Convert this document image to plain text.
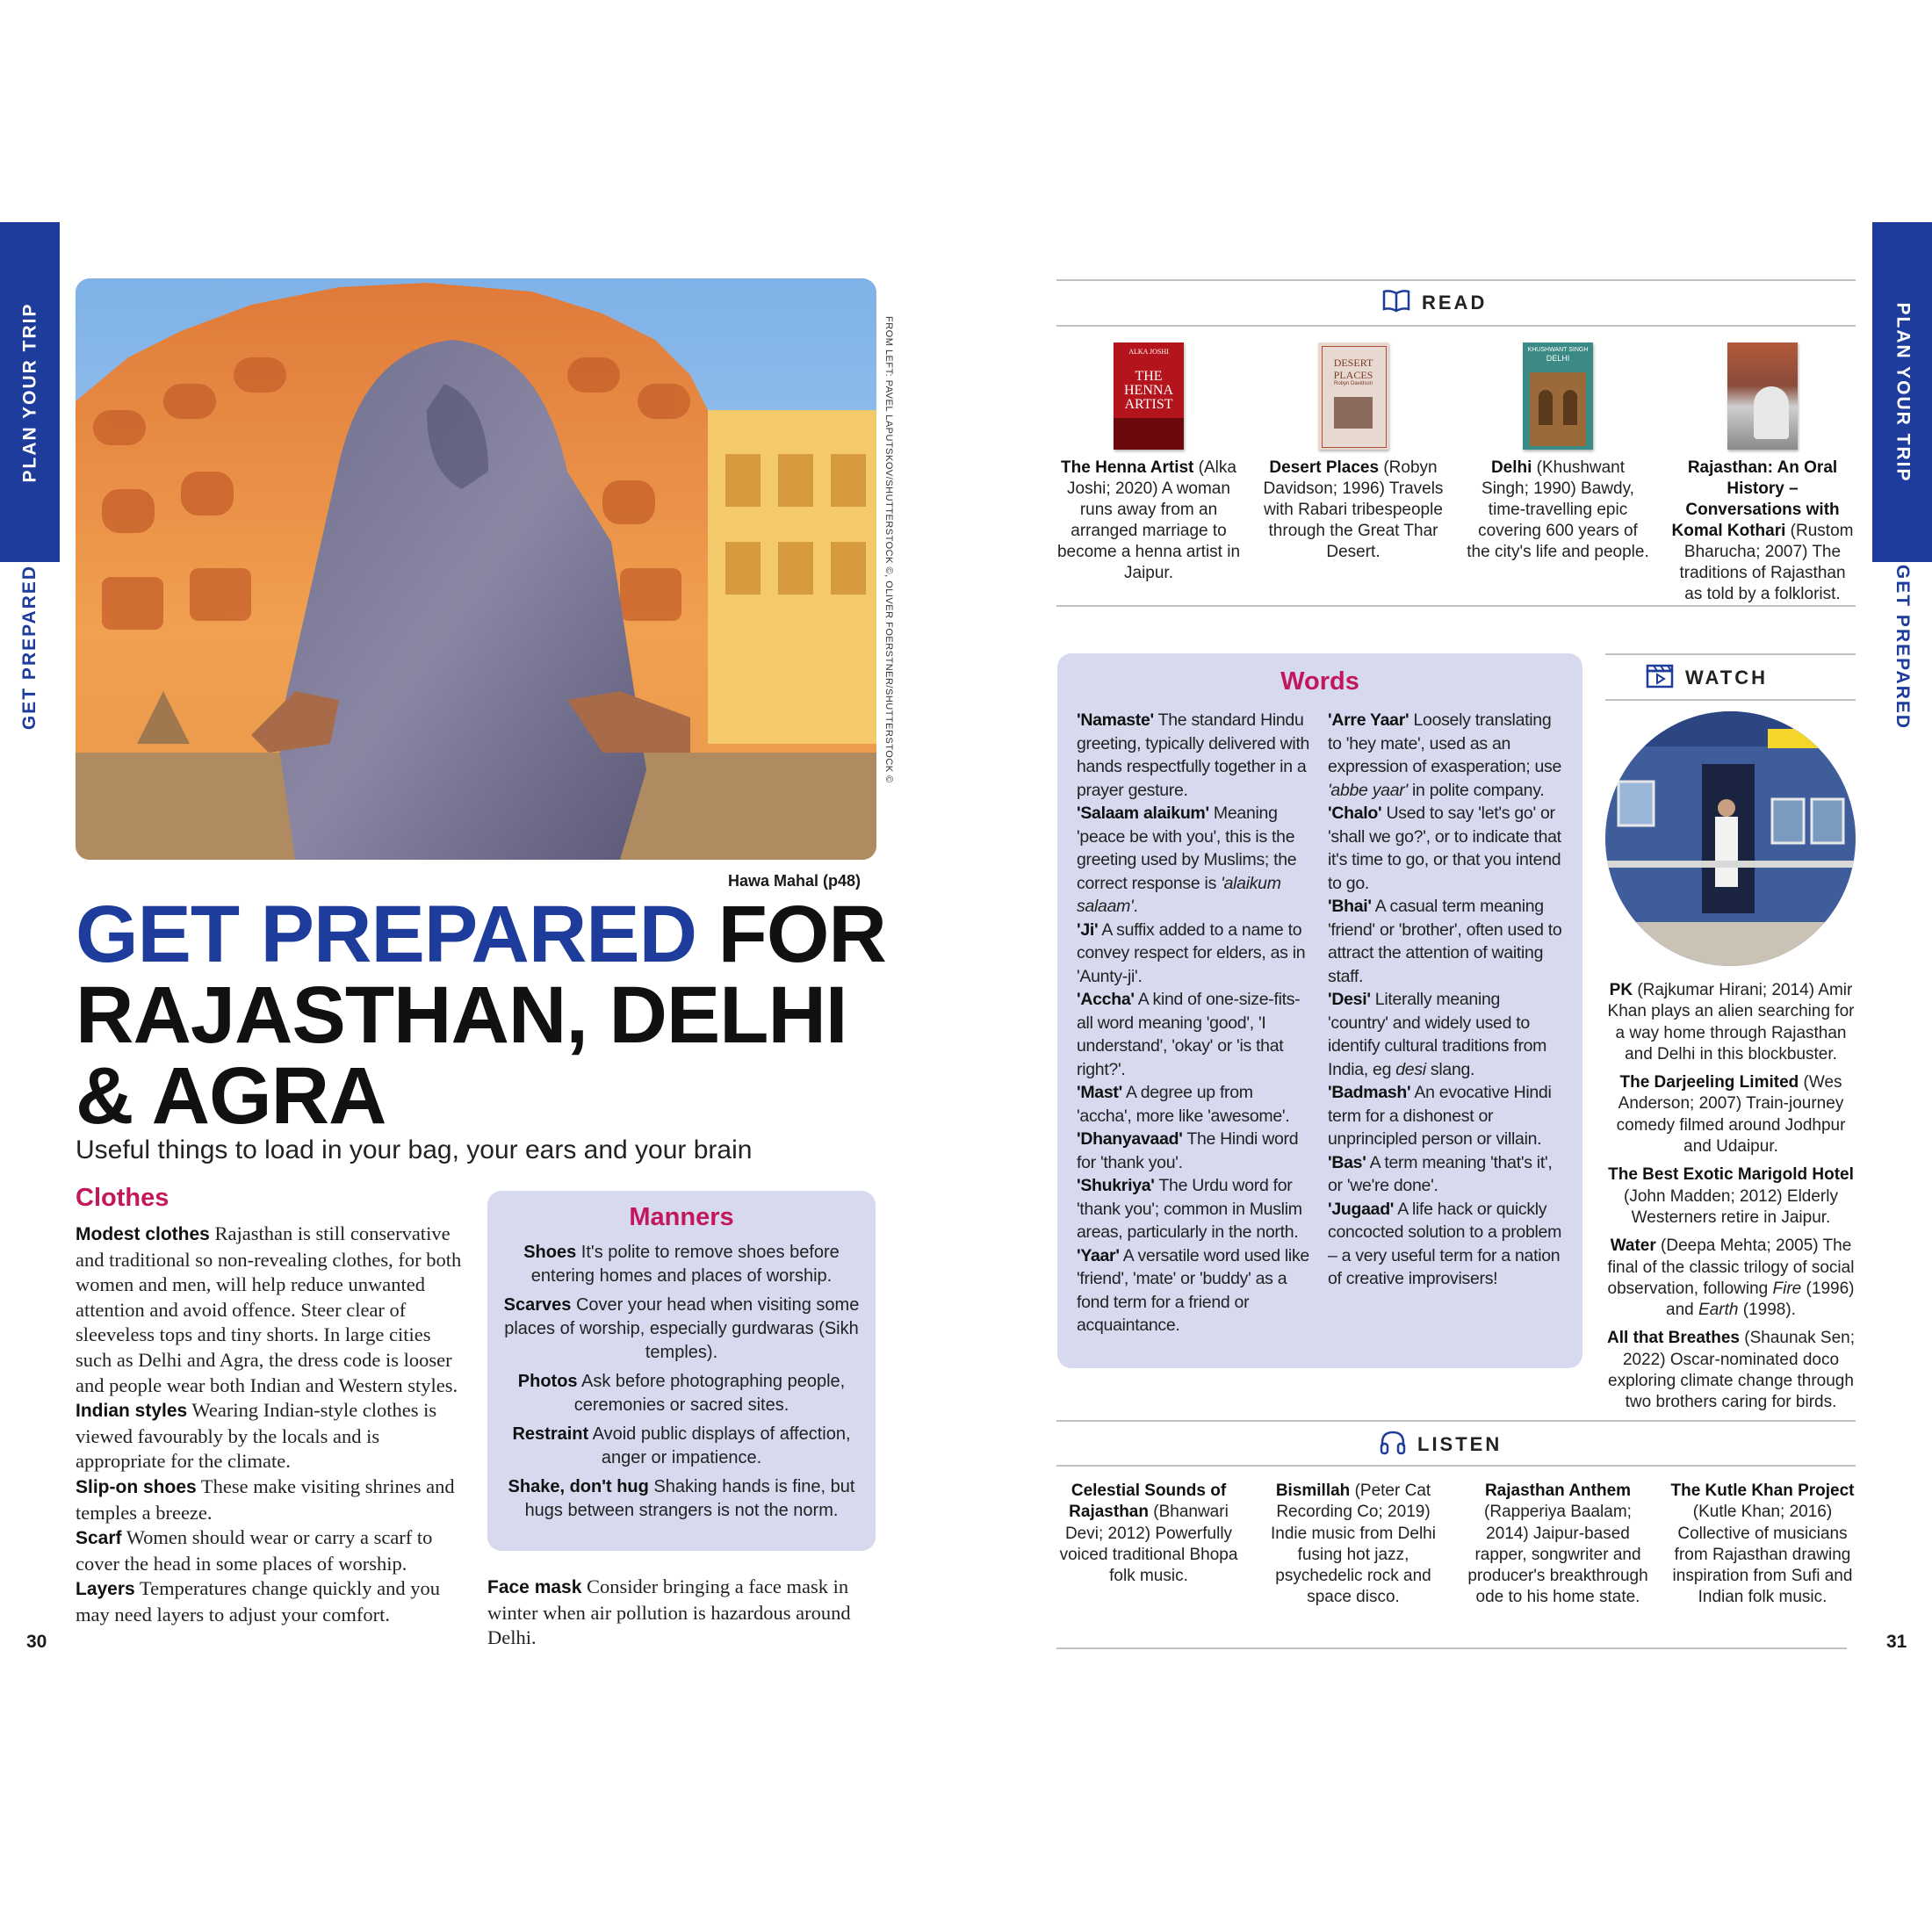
PLAN YOUR TRIP
GET PREPARED
PLAN YOUR TRIP
GET PREPARED
FROM LEFT: PAVEL LAPUTSKOV/SHUTTERSTOCK ©, OLIVER FOERSTNER/SHUTTERSTOCK ©
Hawa Mahal (p48)
GET PREPARED FOR
RAJASTHAN, DELHI
& AGRA
Useful things to load in your bag, your ears and your brain
Clothes
Modest clothes Rajasthan is still conservative and traditional so non-revealing clothes, for both women and men, will help reduce unwanted attention and avoid offence. Steer clear of sleeveless tops and tiny shorts. In large cities such as Delhi and Agra, the dress code is looser and people wear both Indian and Western styles.
Indian styles Wearing Indian-style clothes is viewed favourably by the locals and is appropriate for the climate.
Slip-on shoes These make visiting shrines and temples a breeze.
Scarf Women should wear or carry a scarf to cover the head in some places of worship.
Layers Temperatures change quickly and you may need layers to adjust your comfort.
Manners
Shoes It's polite to remove shoes before entering homes and places of worship.
Scarves Cover your head when visiting some places of worship, especially gurdwaras (Sikh temples).
Photos Ask before photographing people, ceremonies or sacred sites.
Restraint Avoid public displays of affection, anger or impatience.
Shake, don't hug Shaking hands is fine, but hugs between strangers is not the norm.
Face mask Consider bringing a face mask in winter when air pollution is hazardous around Delhi.
30	31
READ
ALKA JOSHI
THE HENNA ARTIST
DESERT PLACES
Robyn Davidson
KHUSHWANT SINGH
DELHI
The Henna Artist (Alka Joshi; 2020) A woman runs away from an arranged marriage to become a henna artist in Jaipur.
Desert Places (Robyn Davidson; 1996) Travels with Rabari tribespeople through the Great Thar Desert.
Delhi (Khushwant Singh; 1990) Bawdy, time-travelling epic covering 600 years of the city's life and people.
Rajasthan: An Oral History – Conversations with Komal Kothari (Rustom Bharucha; 2007) The traditions of Rajasthan as told by a folklorist.
Words
'Namaste' The standard Hindu greeting, typically delivered with hands respectfully together in a prayer gesture.
'Salaam alaikum' Meaning 'peace be with you', this is the greeting used by Muslims; the correct response is 'alaikum salaam'.
'Ji' A suffix added to a name to convey respect for elders, as in 'Aunty-ji'.
'Accha' A kind of one-size-fits-all word meaning 'good', 'I understand', 'okay' or 'is that right?'.
'Mast' A degree up from 'accha', more like 'awesome'.
'Dhanyavaad' The Hindi word for 'thank you'.
'Shukriya' The Urdu word for 'thank you'; common in Muslim areas, particularly in the north.
'Yaar' A versatile word used like 'friend', 'mate' or 'buddy' as a fond term for a friend or acquaintance.
'Arre Yaar' Loosely translating to 'hey mate', used as an expression of exasperation; use 'abbe yaar' in polite company.
'Chalo' Used to say 'let's go' or 'shall we go?', or to indicate that it's time to go, or that you intend to go.
'Bhai' A casual term meaning 'friend' or 'brother', often used to attract the attention of waiting staff.
'Desi' Literally meaning 'country' and widely used to identify cultural traditions from India, eg desi slang.
'Badmash' An evocative Hindi term for a dishonest or unprincipled person or villain.
'Bas' A term meaning 'that's it', or 'we're done'.
'Jugaad' A life hack or quickly concocted solution to a problem – a very useful term for a nation of creative improvisers!
WATCH
PK (Rajkumar Hirani; 2014) Amir Khan plays an alien searching for a way home through Rajasthan and Delhi in this blockbuster.
The Darjeeling Limited (Wes Anderson; 2007) Train-journey comedy filmed around Jodhpur and Udaipur.
The Best Exotic Marigold Hotel (John Madden; 2012) Elderly Westerners retire in Jaipur.
Water (Deepa Mehta; 2005) The final of the classic trilogy of social observation, following Fire (1996) and Earth (1998).
All that Breathes (Shaunak Sen; 2022) Oscar-nominated doco exploring climate change through two brothers caring for birds.
LISTEN
Celestial Sounds of Rajasthan (Bhanwari Devi; 2012) Powerfully voiced traditional Bhopa folk music.
Bismillah (Peter Cat Recording Co; 2019) Indie music from Delhi fusing hot jazz, psychedelic rock and space disco.
Rajasthan Anthem (Rapperiya Baalam; 2014) Jaipur-based rapper, songwriter and producer's breakthrough ode to his home state.
The Kutle Khan Project (Kutle Khan; 2016) Collective of musicians from Rajasthan drawing inspiration from Sufi and Indian folk music.
